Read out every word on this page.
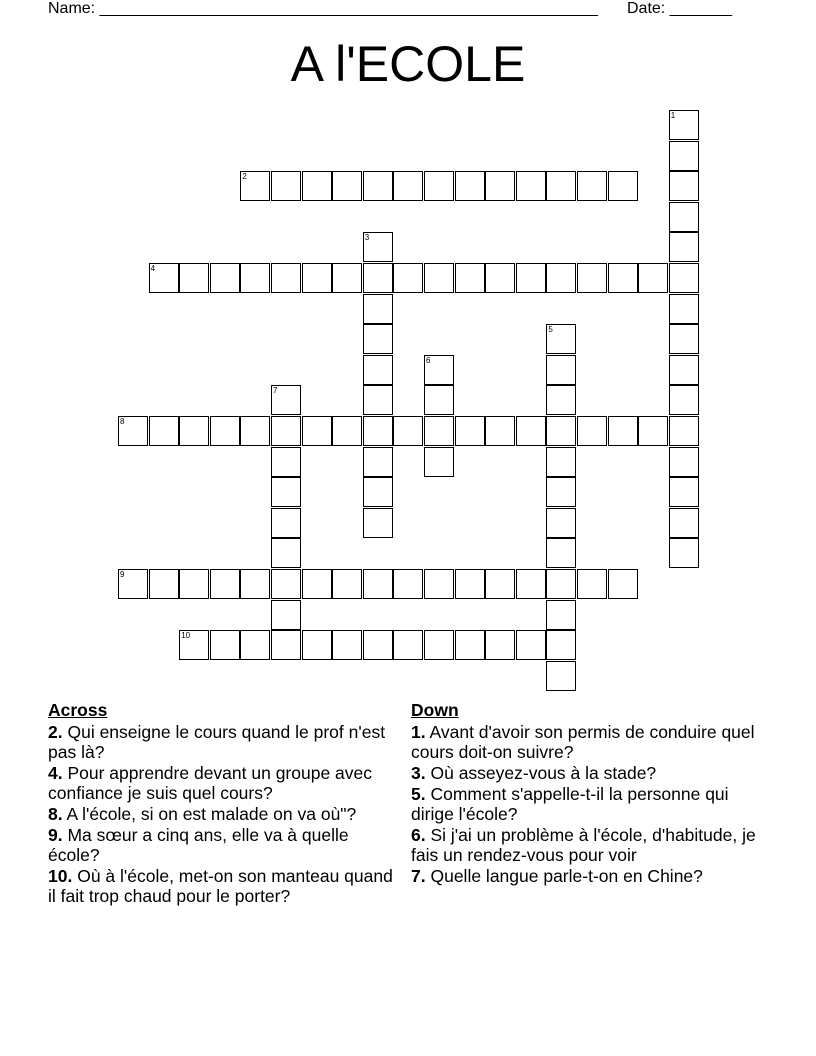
Name: ________________________________________________________ Date: _______
A l'ECOLE
1
2
3
4
5
6
7
8
9
10
Across
2. Qui enseigne le cours quand le prof n'est pas là?
4. Pour apprendre devant un groupe avec confiance je suis quel cours?
8. A l'école, si on est malade on va où"?
9. Ma sœur a cinq ans, elle va à quelle école?
10. Où à l'école, met-on son manteau quand il fait trop chaud pour le porter?
Down
1. Avant d'avoir son permis de conduire quel cours doit-on suivre?
3. Où asseyez-vous à la stade?
5. Comment s'appelle-t-il la personne qui dirige l'école?
6. Si j'ai un problème à l'école, d'habitude, je fais un rendez-vous pour voir
7. Quelle langue parle-t-on en Chine?
